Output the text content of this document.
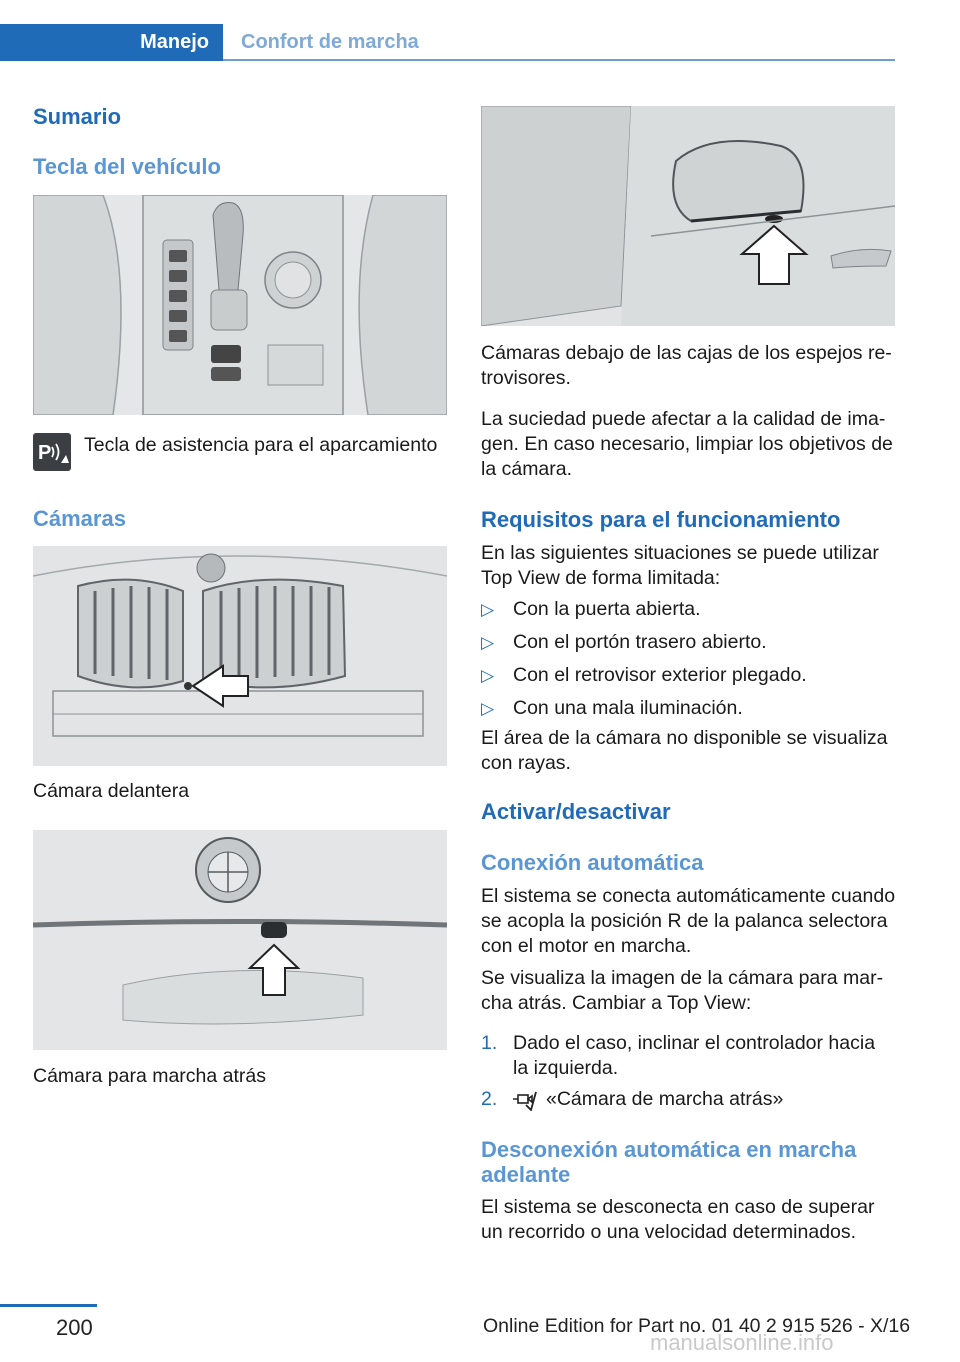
Manejo	Confort de marcha
Sumario
Tecla del vehículo
P Tecla de asistencia para el aparcamiento
Cámaras
Cámara delantera
Cámara para marcha atrás
Cámaras debajo de las cajas de los espejos re-trovisores.
La suciedad puede afectar a la calidad de ima-gen. En caso necesario, limpiar los objetivos de la cámara.
Requisitos para el funcionamiento
En las siguientes situaciones se puede utilizar Top View de forma limitada:
▷ Con la puerta abierta.
▷ Con el portón trasero abierto.
▷ Con el retrovisor exterior plegado.
▷ Con una mala iluminación.
El área de la cámara no disponible se visualiza con rayas.
Activar/desactivar
Conexión automática
El sistema se conecta automáticamente cuando se acopla la posición R de la palanca selectora con el motor en marcha.
Se visualiza la imagen de la cámara para mar-cha atrás. Cambiar a Top View:
1. Dado el caso, inclinar el controlador hacia la izquierda.
2. «Cámara de marcha atrás»
Desconexión automática en marcha adelante
El sistema se desconecta en caso de superar un recorrido o una velocidad determinados.
200	Online Edition for Part no. 01 40 2 915 526 - X/16
manualsonline.info
